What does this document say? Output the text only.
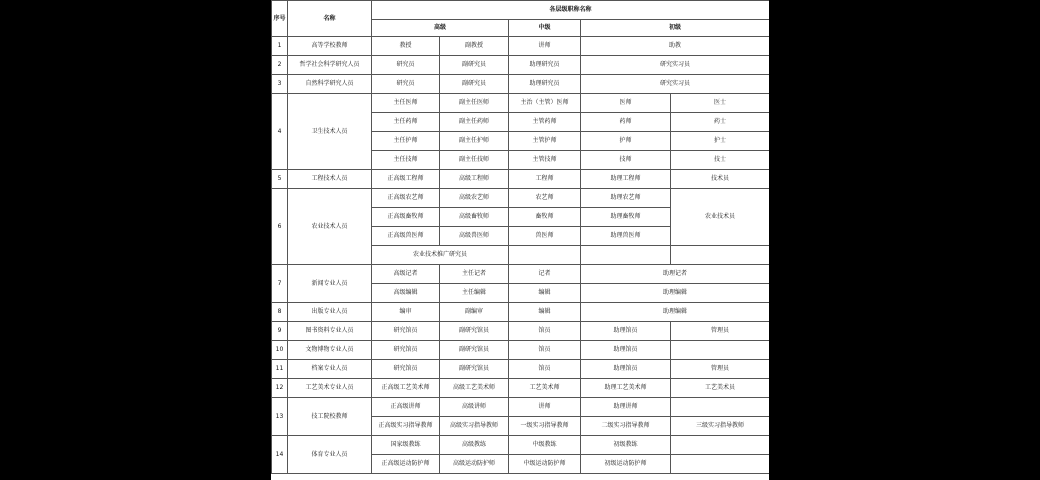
序号	名称	各层级职称名称				
		高级		中级	初级	
1	高等学校教师	教授	副教授	讲师	助教	
2	哲学社会科学研究人员	研究员	副研究员	助理研究员	研究实习员	
3	自然科学研究人员	研究员	副研究员	助理研究员	研究实习员	
4	卫生技术人员	主任医师	副主任医师	主治（主管）医师	医师	医士
		主任药师	副主任药师	主管药师	药师	药士
		主任护师	副主任护师	主管护师	护师	护士
		主任技师	副主任技师	主管技师	技师	技士
5	工程技术人员	正高级工程师	高级工程师	工程师	助理工程师	技术员
6	农业技术人员	正高级农艺师	高级农艺师	农艺师	助理农艺师	农业技术员
		正高级畜牧师	高级畜牧师	畜牧师	助理畜牧师	
		正高级兽医师	高级兽医师	兽医师	助理兽医师	
		农业技术推广研究员				
7	新闻专业人员	高级记者	主任记者	记者	助理记者	
		高级编辑	主任编辑	编辑	助理编辑	
8	出版专业人员	编审	副编审	编辑	助理编辑	
9	图书资料专业人员	研究馆员	副研究馆员	馆员	助理馆员	管理员
10	文物博物专业人员	研究馆员	副研究馆员	馆员	助理馆员	
11	档案专业人员	研究馆员	副研究馆员	馆员	助理馆员	管理员
12	工艺美术专业人员	正高级工艺美术师	高级工艺美术师	工艺美术师	助理工艺美术师	工艺美术员
13	技工院校教师	正高级讲师	高级讲师	讲师	助理讲师	
		正高级实习指导教师	高级实习指导教师	一级实习指导教师	二级实习指导教师	三级实习指导教师
14	体育专业人员	国家级教练	高级教练	中级教练	初级教练	
		正高级运动防护师	高级运动防护师	中级运动防护师	初级运动防护师	
